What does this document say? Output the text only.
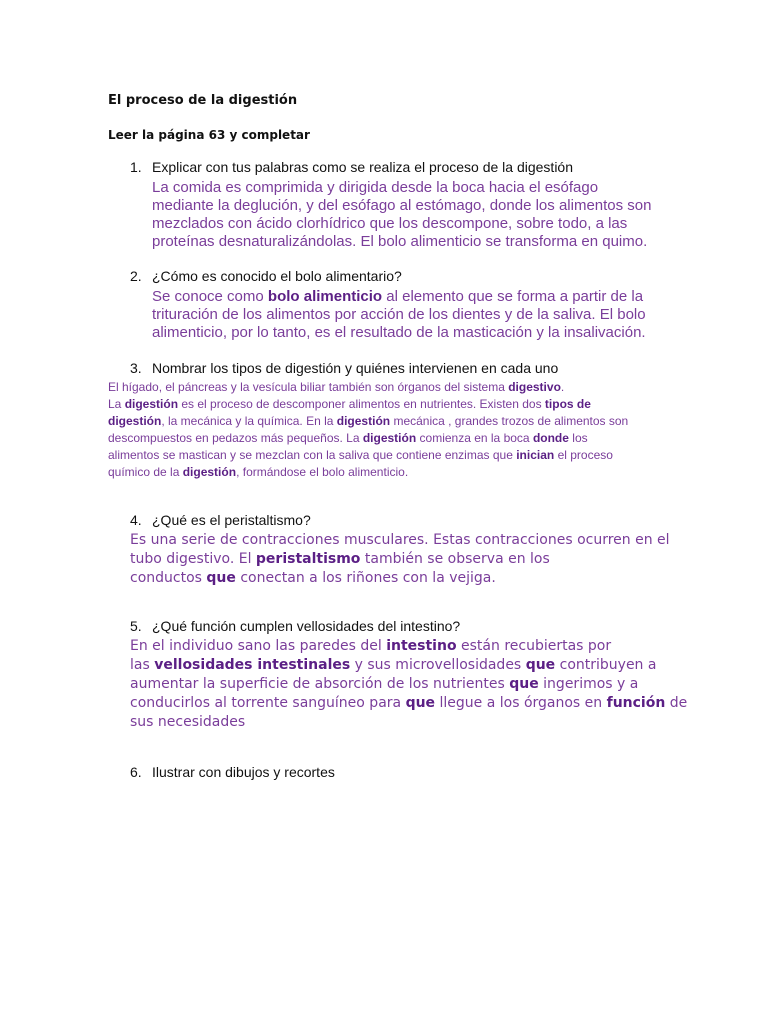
El proceso de la digestión
Leer la página 63 y completar
1. Explicar con tus palabras como se realiza el proceso de la digestión
La comida es comprimida y dirigida desde la boca hacia el esófago
mediante la deglución, y del esófago al estómago, donde los alimentos son
mezclados con ácido clorhídrico que los descompone, sobre todo, a las
proteínas desnaturalizándolas. El bolo alimenticio se transforma en quimo.
2. ¿Cómo es conocido el bolo alimentario?
Se conoce como bolo alimenticio al elemento que se forma a partir de la
trituración de los alimentos por acción de los dientes y de la saliva. El bolo
alimenticio, por lo tanto, es el resultado de la masticación y la insalivación.
3. Nombrar los tipos de digestión y quiénes intervienen en cada uno
El hígado, el páncreas y la vesícula biliar también son órganos del sistema digestivo.
La digestión es el proceso de descomponer alimentos en nutrientes. Existen dos tipos de
digestión, la mecánica y la química. En la digestión mecánica , grandes trozos de alimentos son
descompuestos en pedazos más pequeños. La digestión comienza en la boca donde los
alimentos se mastican y se mezclan con la saliva que contiene enzimas que inician el proceso
químico de la digestión, formándose el bolo alimenticio.
4. ¿Qué es el peristaltismo?
Es una serie de contracciones musculares. Estas contracciones ocurren en el
tubo digestivo. El peristaltismo también se observa en los
conductos que conectan a los riñones con la vejiga.
5. ¿Qué función cumplen vellosidades del intestino?
En el individuo sano las paredes del intestino están recubiertas por
las vellosidades intestinales y sus microvellosidades que contribuyen a
aumentar la superficie de absorción de los nutrientes que ingerimos y a
conducirlos al torrente sanguíneo para que llegue a los órganos en función de
sus necesidades
6. Ilustrar con dibujos y recortes
